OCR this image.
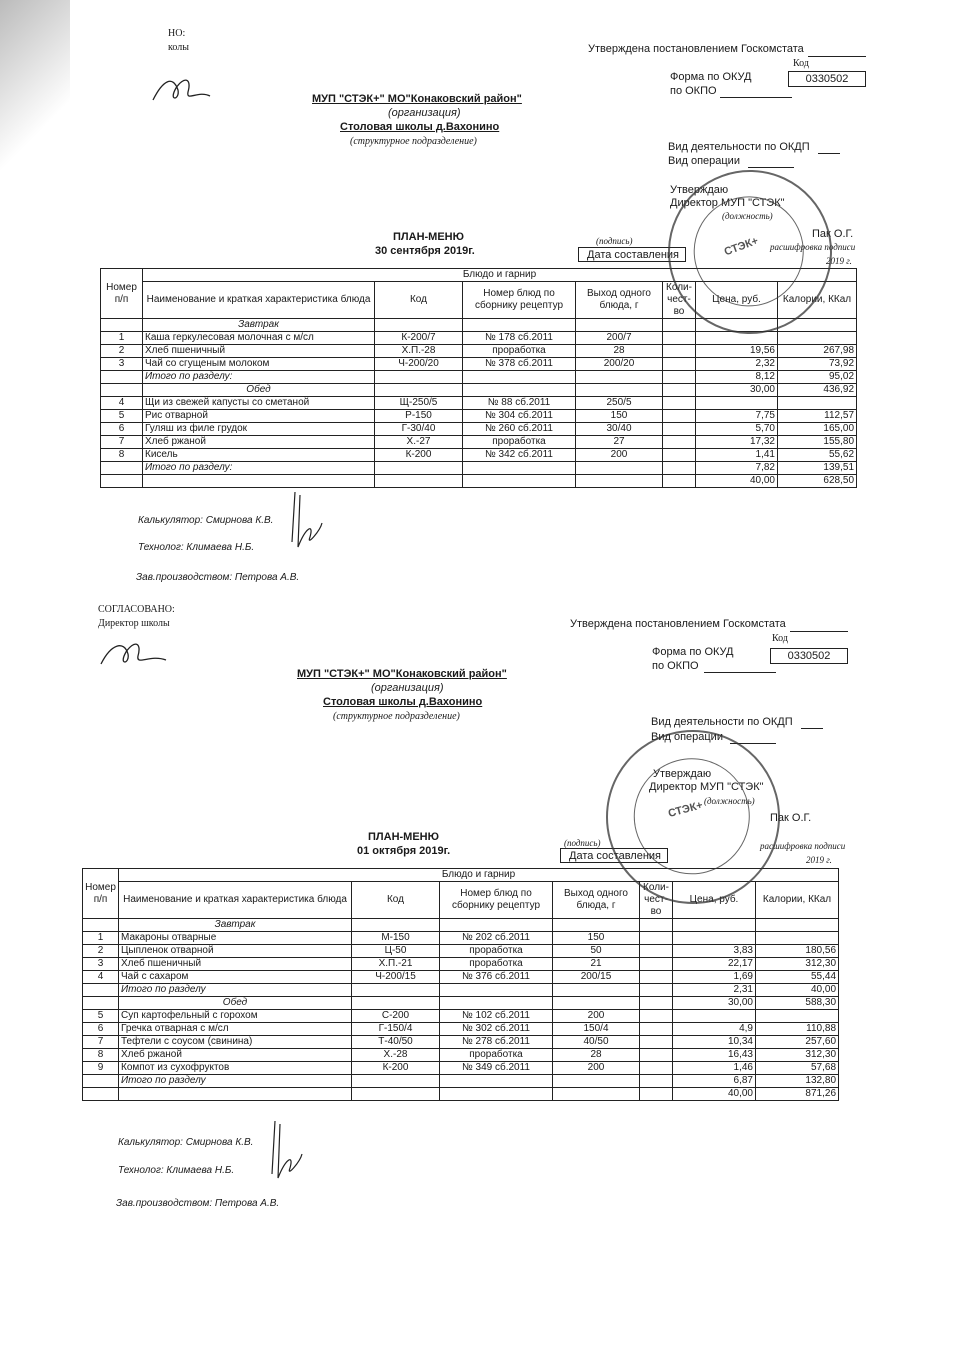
НО:
колы	Утверждена постановлением Госкомстата
Код
Форма по ОКУД	0330502
по ОКПО
МУП "СТЭК+" МО"Конаковский район"
(организация)
Столовая школы д.Вахонино
(структурное подразделение)	Вид деятельности по ОКДП
Вид операции
Утверждаю
Директор МУП "СТЭК"
(должность)
Пак О.Г.
(подпись)
расшифровка подписи
2019 г.
ПЛАН-МЕНЮ
30 сентября 2019г.	Дата составления
Номер п/п	Блюдо и гарнир						
	Наименование и краткая характеристика блюда	Код	Номер блюд по сборнику рецептур	Выход одного блюда, г	Коли-чест-во	Цена, руб.	Калории, ККал
	Завтрак						
1	Каша геркулесовая молочная с м/сл	К-200/7	№ 178 сб.2011	200/7			
2	Хлеб пшеничный	Х.П.-28	проработка	28		19,56	267,98
3	Чай со сгущеным молоком	Ч-200/20	№ 378 сб.2011	200/20		2,32	73,92
	Итого по разделу:					8,12	95,02
	Обед					30,00	436,92
4	Щи из свежей капусты со сметаной	Щ-250/5	№ 88 сб.2011	250/5			
5	Рис отварной	Р-150	№ 304 сб.2011	150		7,75	112,57
6	Гуляш из филе грудок	Г-30/40	№ 260 сб.2011	30/40		5,70	165,00
7	Хлеб ржаной	Х.-27	проработка	27		17,32	155,80
8	Кисель	К-200	№ 342 сб.2011	200		1,41	55,62
	Итого по разделу:					7,82	139,51
						40,00	628,50
Калькулятор: Смирнова К.В.
Технолог: Климаева Н.Б.
Зав.производством: Петрова А.В.
СТЭК+
СОГЛАСОВАНО:
Директор школы	Утверждена постановлением Госкомстата
Код
Форма по ОКУД	0330502
по ОКПО
МУП "СТЭК+" МО"Конаковский район"
(организация)
Столовая школы д.Вахонино
(структурное подразделение)	Вид деятельности по ОКДП
Вид операции
Утверждаю
Директор МУП "СТЭК"
(должность)
Пак О.Г.
(подпись)	расшифровка подписи
2019 г.
ПЛАН-МЕНЮ
01 октября 2019г.	Дата составления
Номер п/п	Блюдо и гарнир						
	Наименование и краткая характеристика блюда	Код	Номер блюд по сборнику рецептур	Выход одного блюда, г	Коли-чест-во	Цена, руб.	Калории, ККал
	Завтрак						
1	Макароны отварные	М-150	№ 202 сб.2011	150			
2	Цыпленок отварной	Ц-50	проработка	50		3,83	180,56
3	Хлеб пшеничный	Х.П.-21	проработка	21		22,17	312,30
4	Чай с сахаром	Ч-200/15	№ 376 сб.2011	200/15		1,69	55,44
	Итого по разделу					2,31	40,00
	Обед					30,00	588,30
5	Суп картофельный с горохом	С-200	№ 102 сб.2011	200			
6	Гречка отварная с м/сл	Г-150/4	№ 302 сб.2011	150/4		4,9	110,88
7	Тефтели с соусом (свинина)	Т-40/50	№ 278 сб.2011	40/50		10,34	257,60
8	Хлеб ржаной	Х.-28	проработка	28		16,43	312,30
9	Компот из сухофруктов	К-200	№ 349 сб.2011	200		1,46	57,68
	Итого по разделу					6,87	132,80
						40,00	871,26
Калькулятор: Смирнова К.В.
Технолог: Климаева Н.Б.
Зав.производством: Петрова А.В.
СТЭК+
